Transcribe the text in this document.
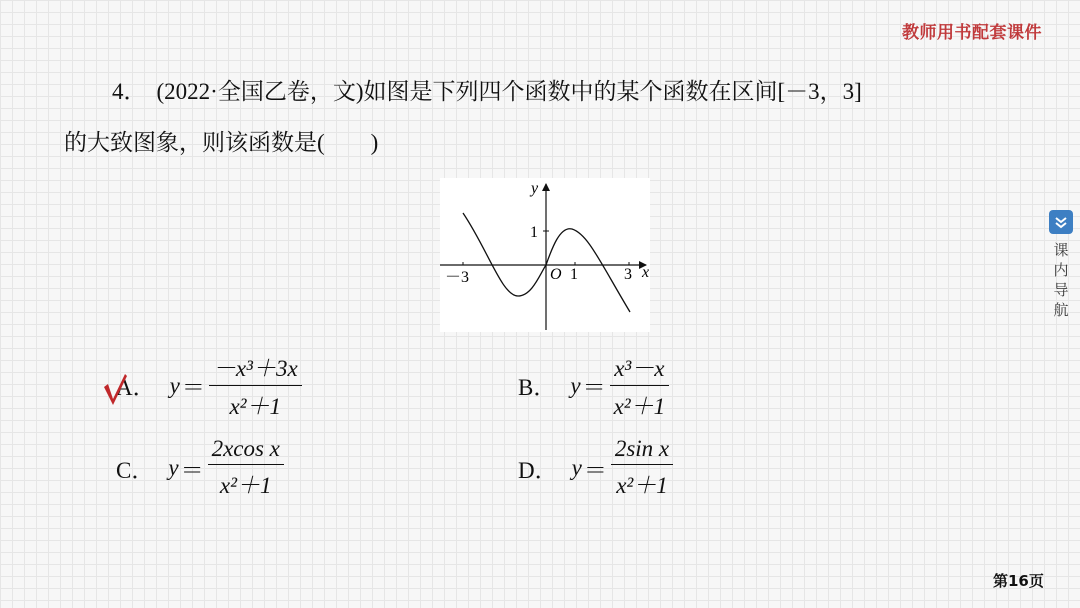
教师用书配套课件
4． (2022·全国乙卷，文)如图是下列四个函数中的某个函数在区间[－3，3]
的大致图象，则该函数是(　　)
y
x
O
1
－3	1	3
A． $y = \frac{\text{－x³＋3x}}{\text{x²＋1}}$	B． $y = \frac{\text{x³－x}}{\text{x²＋1}}$
C． $y = \frac{\text{2xcos x}}{\text{x²＋1}}$	D． $y = \frac{\text{2sin x}}{\text{x²＋1}}$
课内导航
第16页
